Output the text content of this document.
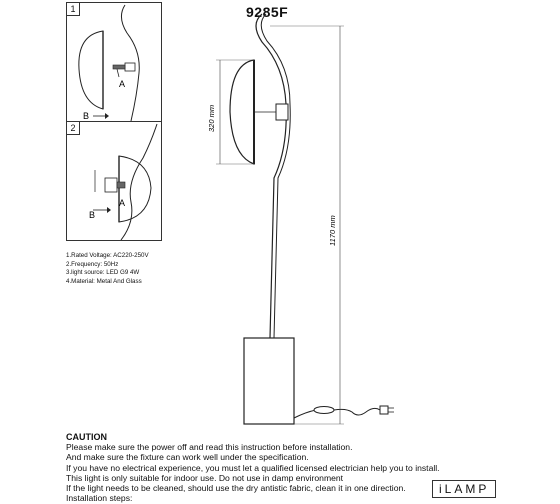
9285F
1
A
B
2
A
B
320 mm
1170 mm
1.Rated Voltage: AC220-250V
2.Frequency: 50Hz
3.light source: LED G9 4W
4.Material: Metal And Glass
CAUTION
Please make sure the power off and read this instruction before installation.
And make sure the fixture can work well under the specification.
If you have no electrical experience, you must let a qualified licensed electrician help you to install.
This light is only suitable for indoor use. Do not use in damp environment
If the light needs to be cleaned, should use the dry antistic fabric, clean it in one direction.
Installation steps:
iLAMP
